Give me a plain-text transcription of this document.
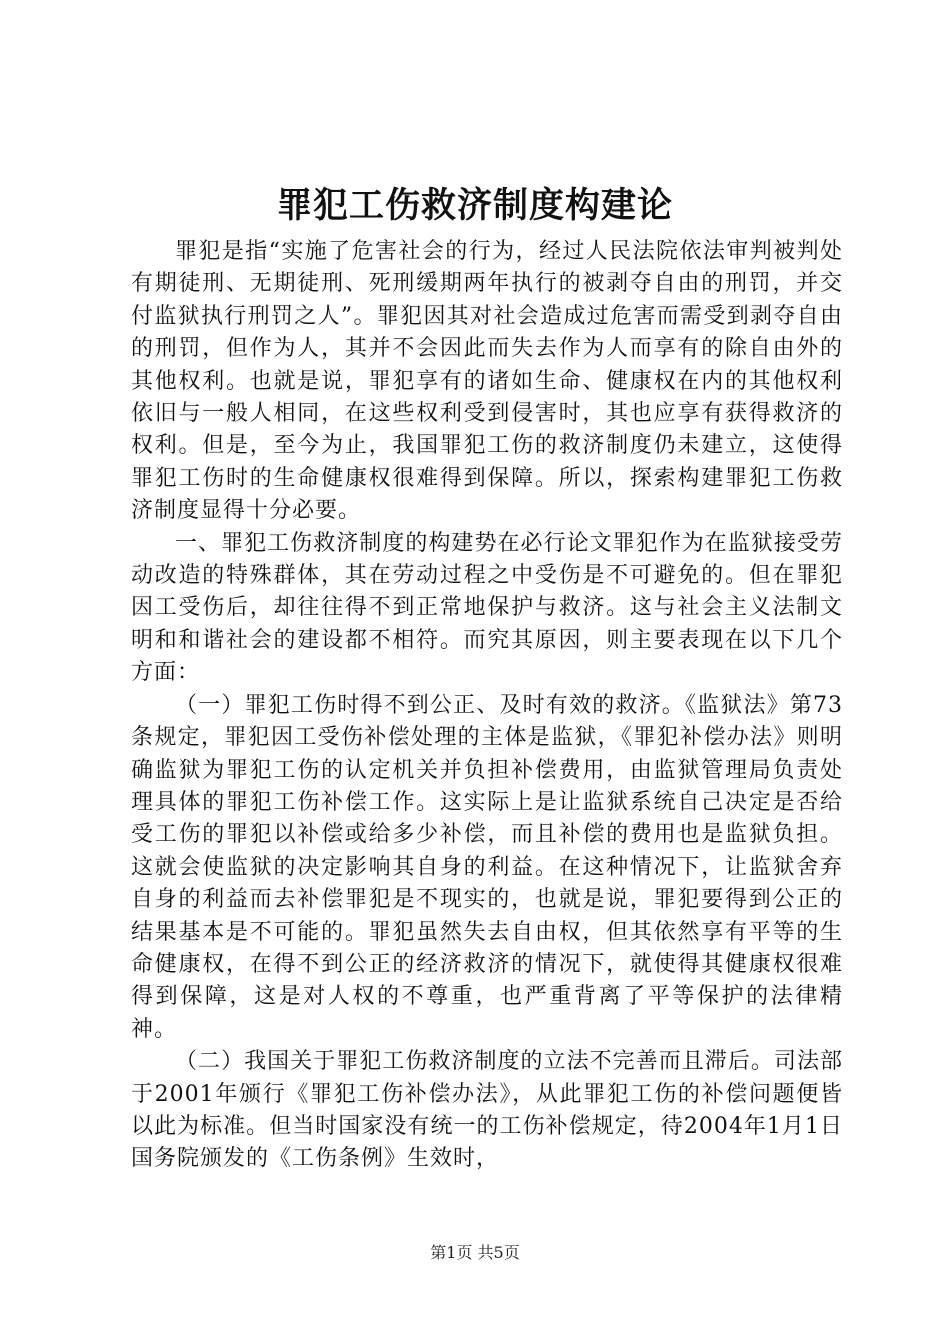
罪犯工伤救济制度构建论

罪犯是指“实施了危害社会的行为，经过人民法院依法审判被判处有期徒刑、无期徒刑、死刑缓期两年执行的被剥夺自由的刑罚，并交付监狱执行刑罚之人”。罪犯因其对社会造成过危害而需受到剥夺自由的刑罚，但作为人，其并不会因此而失去作为人而享有的除自由外的其他权利。也就是说，罪犯享有的诸如生命、健康权在内的其他权利依旧与一般人相同，在这些权利受到侵害时，其也应享有获得救济的权利。但是，至今为止，我国罪犯工伤的救济制度仍未建立，这使得罪犯工伤时的生命健康权很难得到保障。所以，探索构建罪犯工伤救济制度显得十分必要。

一、罪犯工伤救济制度的构建势在必行论文罪犯作为在监狱接受劳动改造的特殊群体，其在劳动过程之中受伤是不可避免的。但在罪犯因工受伤后，却往往得不到正常地保护与救济。这与社会主义法制文明和和谐社会的建设都不相符。而究其原因，则主要表现在以下几个方面：

（一）罪犯工伤时得不到公正、及时有效的救济。《监狱法》第73条规定，罪犯因工受伤补偿处理的主体是监狱，《罪犯补偿办法》则明确监狱为罪犯工伤的认定机关并负担补偿费用，由监狱管理局负责处理具体的罪犯工伤补偿工作。这实际上是让监狱系统自己决定是否给受工伤的罪犯以补偿或给多少补偿，而且补偿的费用也是监狱负担。这就会使监狱的决定影响其自身的利益。在这种情况下，让监狱舍弃自身的利益而去补偿罪犯是不现实的，也就是说，罪犯要得到公正的结果基本是不可能的。罪犯虽然失去自由权，但其依然享有平等的生命健康权，在得不到公正的经济救济的情况下，就使得其健康权很难得到保障，这是对人权的不尊重，也严重背离了平等保护的法律精神。

（二）我国关于罪犯工伤救济制度的立法不完善而且滞后。司法部于2001年颁行《罪犯工伤补偿办法》，从此罪犯工伤的补偿问题便皆以此为标准。但当时国家没有统一的工伤补偿规定，待2004年1月1日国务院颁发的《工伤条例》生效时，

第1页 共5页
